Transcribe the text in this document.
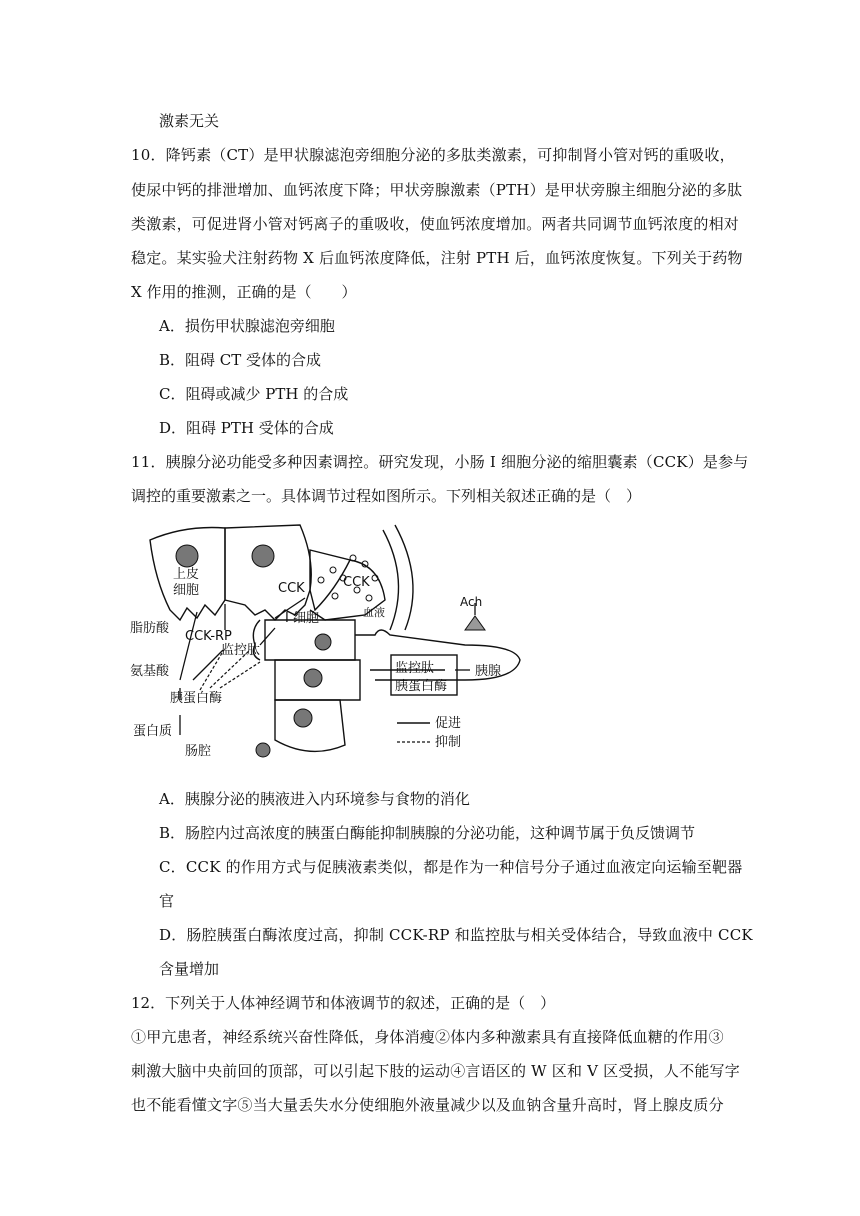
激素无关
10．降钙素（CT）是甲状腺滤泡旁细胞分泌的多肽类激素，可抑制肾小管对钙的重吸收，
使尿中钙的排泄增加、血钙浓度下降；甲状旁腺激素（PTH）是甲状旁腺主细胞分泌的多肽
类激素，可促进肾小管对钙离子的重吸收，使血钙浓度增加。两者共同调节血钙浓度的相对
稳定。某实验犬注射药物 X 后血钙浓度降低，注射 PTH 后，血钙浓度恢复。下列关于药物
X 作用的推测，正确的是（　　）
A．损伤甲状腺滤泡旁细胞
B．阻碍 CT 受体的合成
C．阻碍或减少 PTH 的合成
D．阻碍 PTH 受体的合成
11．胰腺分泌功能受多种因素调控。研究发现，小肠 I 细胞分泌的缩胆囊素（CCK）是参与
调控的重要激素之一。具体调节过程如图所示。下列相关叙述正确的是（　）
上皮
细胞	CCK	CCK
I 细胞	血液
Ach
脂肪酸
CCK-RP
监控肽
氨基酸
胰蛋白酶
蛋白质
肠腔
监控肽
胰蛋白酶
胰腺
促进
抑制
A．胰腺分泌的胰液进入内环境参与食物的消化
B．肠腔内过高浓度的胰蛋白酶能抑制胰腺的分泌功能，这种调节属于负反馈调节
C．CCK 的作用方式与促胰液素类似，都是作为一种信号分子通过血液定向运输至靶器
官
D．肠腔胰蛋白酶浓度过高，抑制 CCK-RP 和监控肽与相关受体结合，导致血液中 CCK
含量增加
12．下列关于人体神经调节和体液调节的叙述，正确的是（　）
①甲亢患者，神经系统兴奋性降低，身体消瘦②体内多种激素具有直接降低血糖的作用③
刺激大脑中央前回的顶部，可以引起下肢的运动④言语区的 W 区和 V 区受损，人不能写字
也不能看懂文字⑤当大量丢失水分使细胞外液量减少以及血钠含量升高时，肾上腺皮质分
